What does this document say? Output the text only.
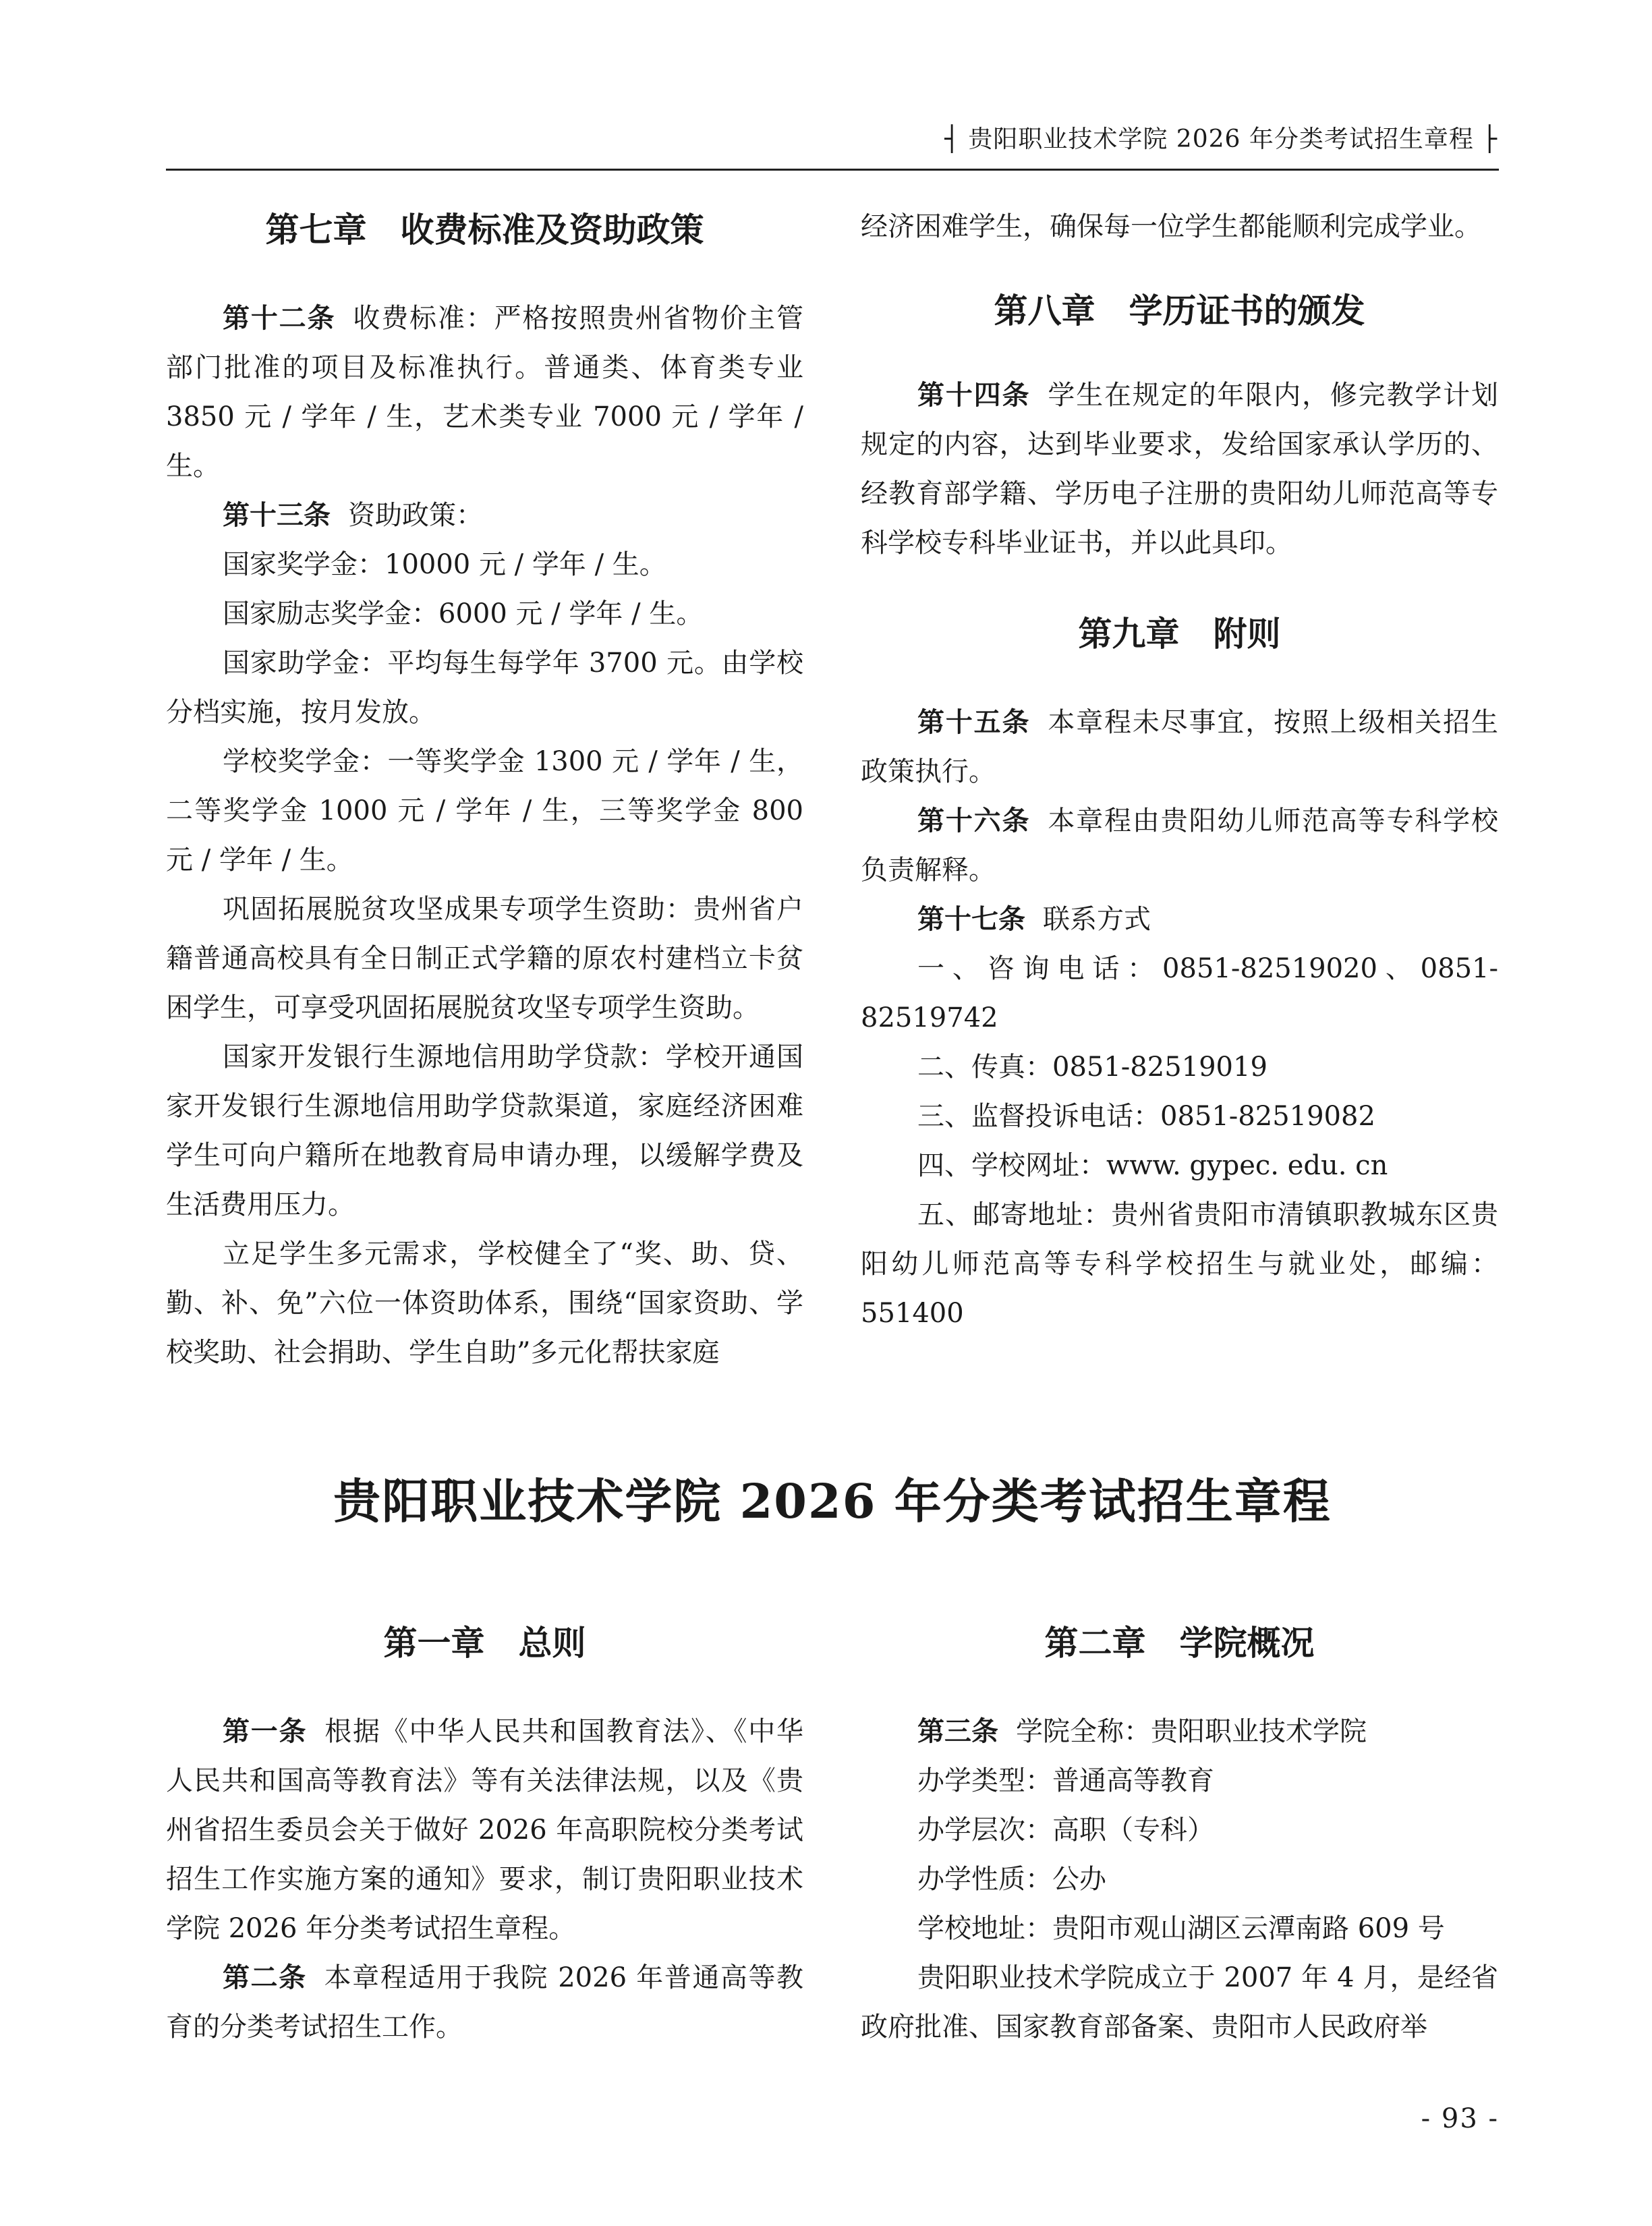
┤ 贵阳职业技术学院 2026 年分类考试招生章程 ├
第七章　收费标准及资助政策

第十二条 收费标准：严格按照贵州省物价主管部门批准的项目及标准执行。普通类、体育类专业 3850 元 / 学年 / 生，艺术类专业 7000 元 / 学年 / 生。

第十三条 资助政策：

国家奖学金：10000 元 / 学年 / 生。

国家励志奖学金：6000 元 / 学年 / 生。

国家助学金：平均每生每学年 3700 元。由学校分档实施，按月发放。

学校奖学金：一等奖学金 1300 元 / 学年 / 生，二等奖学金 1000 元 / 学年 / 生，三等奖学金 800 元 / 学年 / 生。

巩固拓展脱贫攻坚成果专项学生资助：贵州省户籍普通高校具有全日制正式学籍的原农村建档立卡贫困学生，可享受巩固拓展脱贫攻坚专项学生资助。

国家开发银行生源地信用助学贷款：学校开通国家开发银行生源地信用助学贷款渠道，家庭经济困难学生可向户籍所在地教育局申请办理，以缓解学费及生活费用压力。

立足学生多元需求，学校健全了“奖、助、贷、勤、补、免”六位一体资助体系，围绕“国家资助、学校奖助、社会捐助、学生自助”多元化帮扶家庭

经济困难学生，确保每一位学生都能顺利完成学业。

第八章　学历证书的颁发

第十四条 学生在规定的年限内，修完教学计划规定的内容，达到毕业要求，发给国家承认学历的、经教育部学籍、学历电子注册的贵阳幼儿师范高等专科学校专科毕业证书，并以此具印。

第九章　附则

第十五条 本章程未尽事宜，按照上级相关招生政策执行。

第十六条 本章程由贵阳幼儿师范高等专科学校负责解释。

第十七条 联系方式

一、咨询电话：0851-82519020、0851-82519742

二、传真：0851-82519019

三、监督投诉电话：0851-82519082

四、学校网址：www. gypec. edu. cn

五、邮寄地址：贵州省贵阳市清镇职教城东区贵阳幼儿师范高等专科学校招生与就业处，邮编：551400

贵阳职业技术学院 2026 年分类考试招生章程
第一章　总则

第一条 根据《中华人民共和国教育法》、《中华人民共和国高等教育法》等有关法律法规，以及《贵州省招生委员会关于做好 2026 年高职院校分类考试招生工作实施方案的通知》要求，制订贵阳职业技术学院 2026 年分类考试招生章程。

第二条 本章程适用于我院 2026 年普通高等教育的分类考试招生工作。

第二章　学院概况

第三条 学院全称：贵阳职业技术学院

办学类型：普通高等教育

办学层次：高职（专科）

办学性质：公办

学校地址：贵阳市观山湖区云潭南路 609 号

贵阳职业技术学院成立于 2007 年 4 月，是经省政府批准、国家教育部备案、贵阳市人民政府举

- 93 -
